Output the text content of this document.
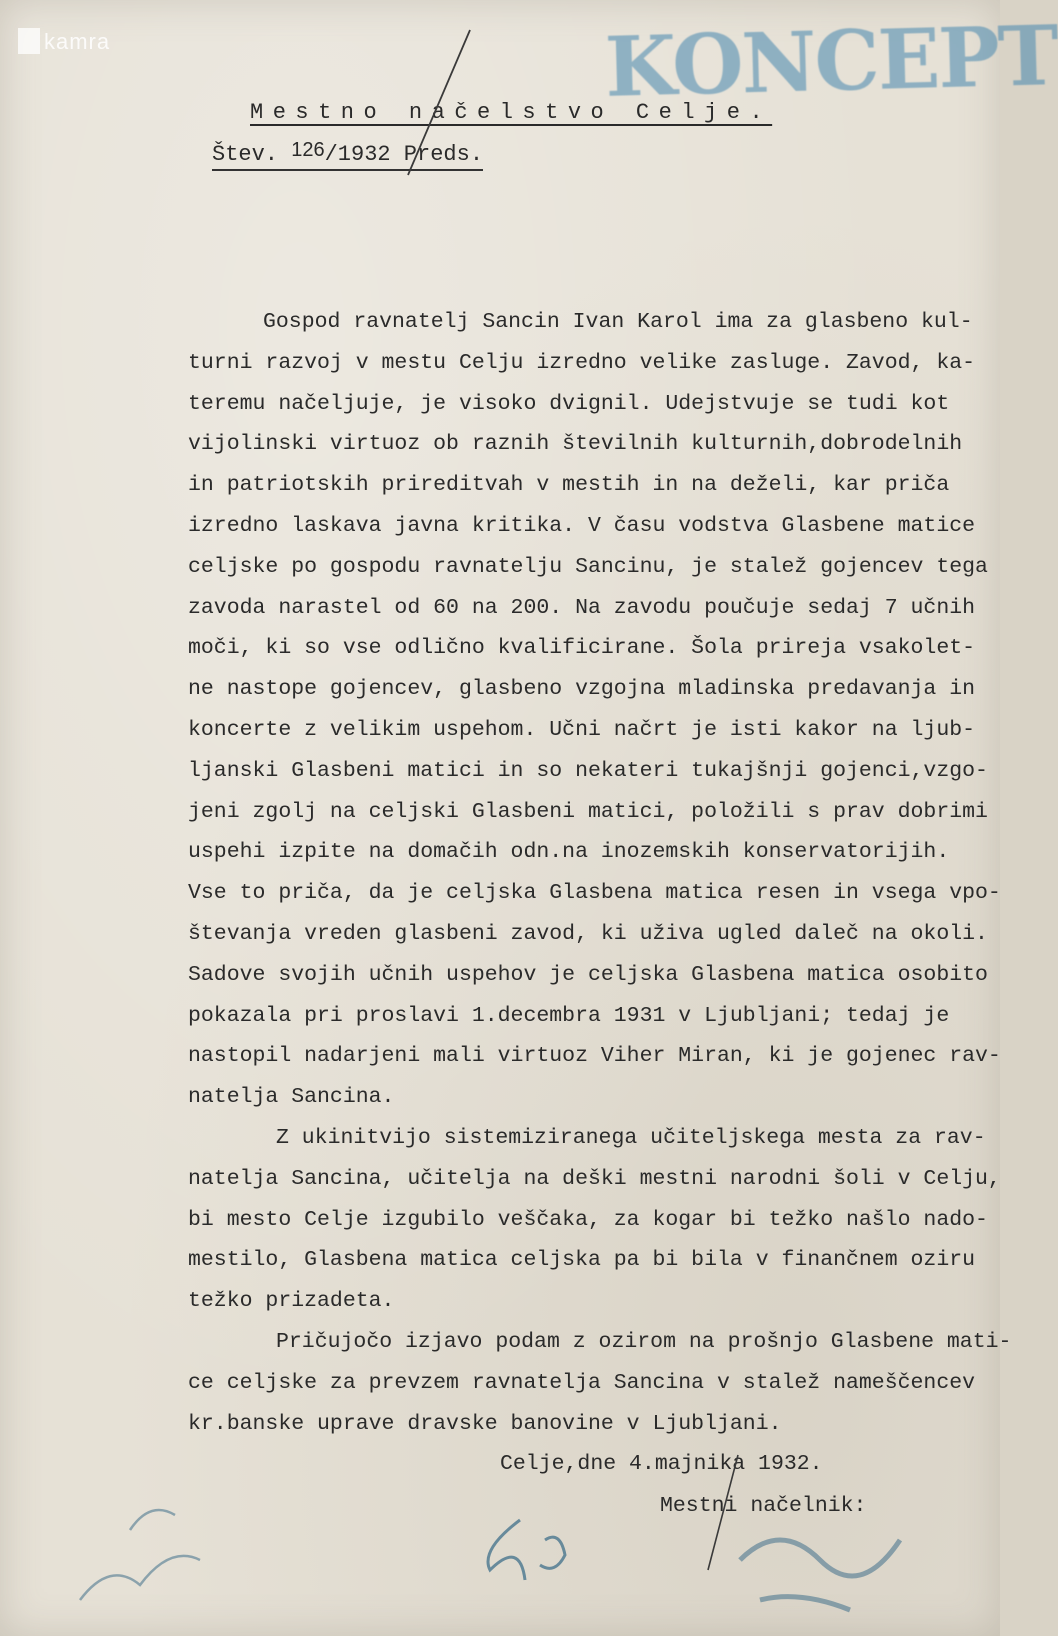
kamra	KONCEPT
Mestno načelstvo Celje.
Štev. 126/1932 Preds.
Gospod ravnatelj Sancin Ivan Karol ima za glasbeno kul-
turni razvoj v mestu Celju izredno velike zasluge. Zavod, ka-
teremu načeljuje, je visoko dvignil. Udejstvuje se tudi kot
vijolinski virtuoz ob raznih številnih kulturnih,dobrodelnih
in patriotskih prireditvah v mestih in na deželi, kar priča
izredno laskava javna kritika. V času vodstva Glasbene matice
celjske po gospodu ravnatelju Sancinu, je stalež gojencev tega
zavoda narastel od 60 na 200. Na zavodu poučuje sedaj 7 učnih
moči, ki so vse odlično kvalificirane. Šola prireja vsakolet-
ne nastope gojencev, glasbeno vzgojna mladinska predavanja in
koncerte z velikim uspehom. Učni načrt je isti kakor na ljub-
ljanski Glasbeni matici in so nekateri tukajšnji gojenci,vzgo-
jeni zgolj na celjski Glasbeni matici, položili s prav dobrimi
uspehi izpite na domačih odn.na inozemskih konservatorijih.
Vse to priča, da je celjska Glasbena matica resen in vsega vpo-
števanja vreden glasbeni zavod, ki uživa ugled daleč na okoli.
Sadove svojih učnih uspehov je celjska Glasbena matica osobito
pokazala pri proslavi 1.decembra 1931 v Ljubljani; tedaj je
nastopil nadarjeni mali virtuoz Viher Miran, ki je gojenec rav-
natelja Sancina.
Z ukinitvijo sistemiziranega učiteljskega mesta za rav-
natelja Sancina, učitelja na deški mestni narodni šoli v Celju,
bi mesto Celje izgubilo veščaka, za kogar bi težko našlo nado-
mestilo, Glasbena matica celjska pa bi bila v finančnem oziru
težko prizadeta.
Pričujočo izjavo podam z ozirom na prošnjo Glasbene mati-
ce celjske za prevzem ravnatelja Sancina v stalež nameščencev
kr.banske uprave dravske banovine v Ljubljani.
Celje,dne 4.majnika 1932.
Mestni načelnik:
